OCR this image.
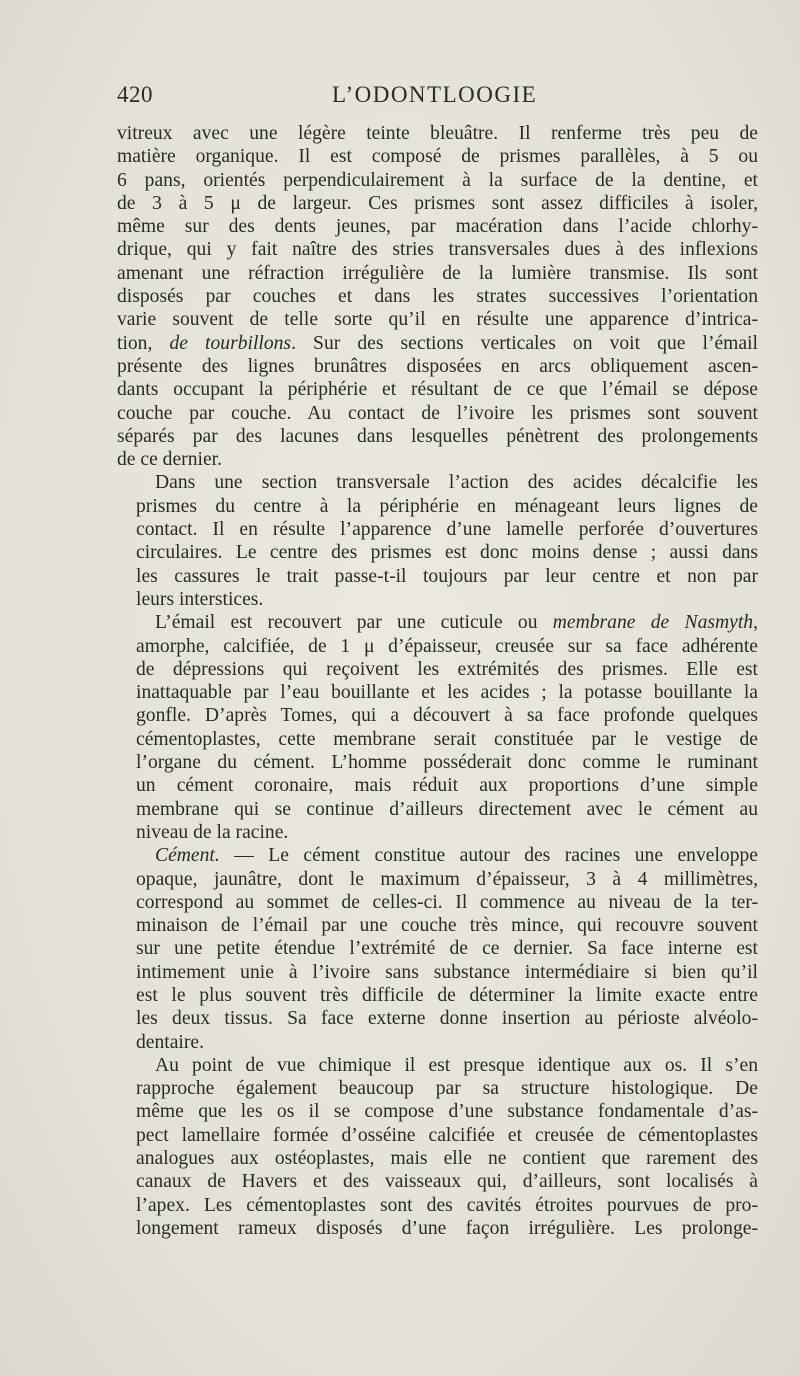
420	L’ODONTLOOGIE

vitreux avec une légère teinte bleuâtre. Il renferme très peu de
matière organique. Il est composé de prismes parallèles, à 5 ou
6 pans, orientés perpendiculairement à la surface de la dentine, et
de 3 à 5 μ de largeur. Ces prismes sont assez difficiles à isoler,
même sur des dents jeunes, par macération dans l’acide chlorhy-
drique, qui y fait naître des stries transversales dues à des inflexions
amenant une réfraction irrégulière de la lumière transmise. Ils sont
disposés par couches et dans les strates successives l’orientation
varie souvent de telle sorte qu’il en résulte une apparence d’intrica-
tion, de tourbillons. Sur des sections verticales on voit que l’émail
présente des lignes brunâtres disposées en arcs obliquement ascen-
dants occupant la périphérie et résultant de ce que l’émail se dépose
couche par couche. Au contact de l’ivoire les prismes sont souvent
séparés par des lacunes dans lesquelles pénètrent des prolongements
de ce dernier.

Dans une section transversale l’action des acides décalcifie les
prismes du centre à la périphérie en ménageant leurs lignes de
contact. Il en résulte l’apparence d’une lamelle perforée d’ouvertures
circulaires. Le centre des prismes est donc moins dense ; aussi dans
les cassures le trait passe-t-il toujours par leur centre et non par
leurs interstices.

L’émail est recouvert par une cuticule ou membrane de Nasmyth,
amorphe, calcifiée, de 1 μ d’épaisseur, creusée sur sa face adhérente
de dépressions qui reçoivent les extrémités des prismes. Elle est
inattaquable par l’eau bouillante et les acides ; la potasse bouillante la
gonfle. D’après Tomes, qui a découvert à sa face profonde quelques
cémentoplastes, cette membrane serait constituée par le vestige de
l’organe du cément. L’homme posséderait donc comme le ruminant
un cément coronaire, mais réduit aux proportions d’une simple
membrane qui se continue d’ailleurs directement avec le cément au
niveau de la racine.

Cément. — Le cément constitue autour des racines une enveloppe
opaque, jaunâtre, dont le maximum d’épaisseur, 3 à 4 millimètres,
correspond au sommet de celles-ci. Il commence au niveau de la ter-
minaison de l’émail par une couche très mince, qui recouvre souvent
sur une petite étendue l’extrémité de ce dernier. Sa face interne est
intimement unie à l’ivoire sans substance intermédiaire si bien qu’il
est le plus souvent très difficile de déterminer la limite exacte entre
les deux tissus. Sa face externe donne insertion au périoste alvéolo-
dentaire.

Au point de vue chimique il est presque identique aux os. Il s’en
rapproche également beaucoup par sa structure histologique. De
même que les os il se compose d’une substance fondamentale d’as-
pect lamellaire formée d’osséine calcifiée et creusée de cémentoplastes
analogues aux ostéoplastes, mais elle ne contient que rarement des
canaux de Havers et des vaisseaux qui, d’ailleurs, sont localisés à
l’apex. Les cémentoplastes sont des cavités étroites pourvues de pro-
longement rameux disposés d’une façon irrégulière. Les prolonge-
